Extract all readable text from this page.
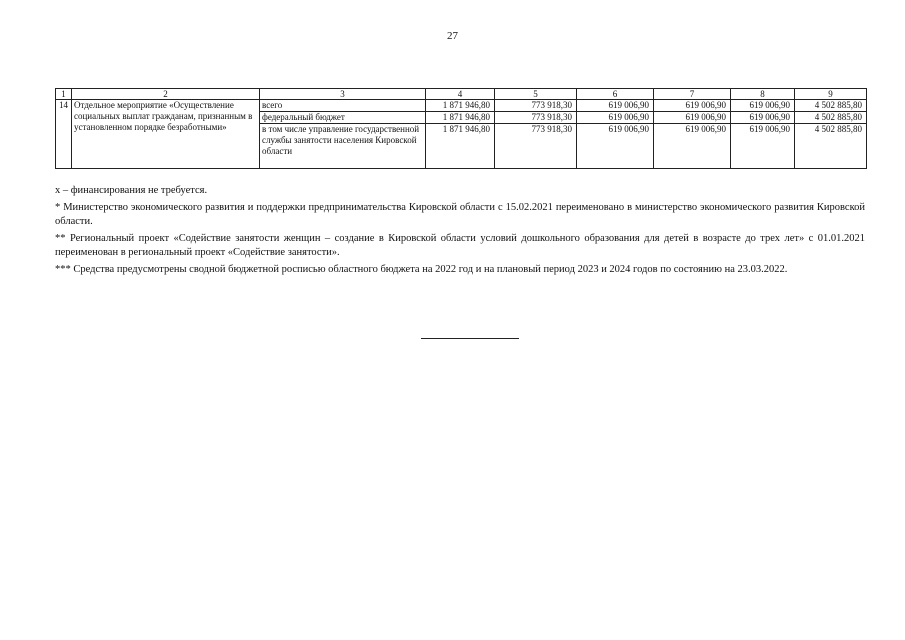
27
1	2	3	4	5	6	7	8	9
14	Отдельное мероприятие «Осуществление социальных выплат гражданам, признанным в установленном порядке безработными»	всего	1 871 946,80	773 918,30	619 006,90	619 006,90	619 006,90	4 502 885,80
		федеральный бюджет	1 871 946,80	773 918,30	619 006,90	619 006,90	619 006,90	4 502 885,80
		в том числе управление государственной службы занятости населения Кировской области	1 871 946,80	773 918,30	619 006,90	619 006,90	619 006,90	4 502 885,80

x – финансирования не требуется.

* Министерство экономического развития и поддержки предпринимательства Кировской области с 15.02.2021 переименовано в министерство экономического развития Кировской области.

** Региональный проект «Содействие занятости женщин – создание в Кировской области условий дошкольного образования для детей в возрасте до трех лет» с 01.01.2021 переименован в региональный проект «Содействие занятости».

*** Средства предусмотрены сводной бюджетной росписью областного бюджета на 2022 год и на плановый период 2023 и 2024 годов по состоянию на 23.03.2022.
